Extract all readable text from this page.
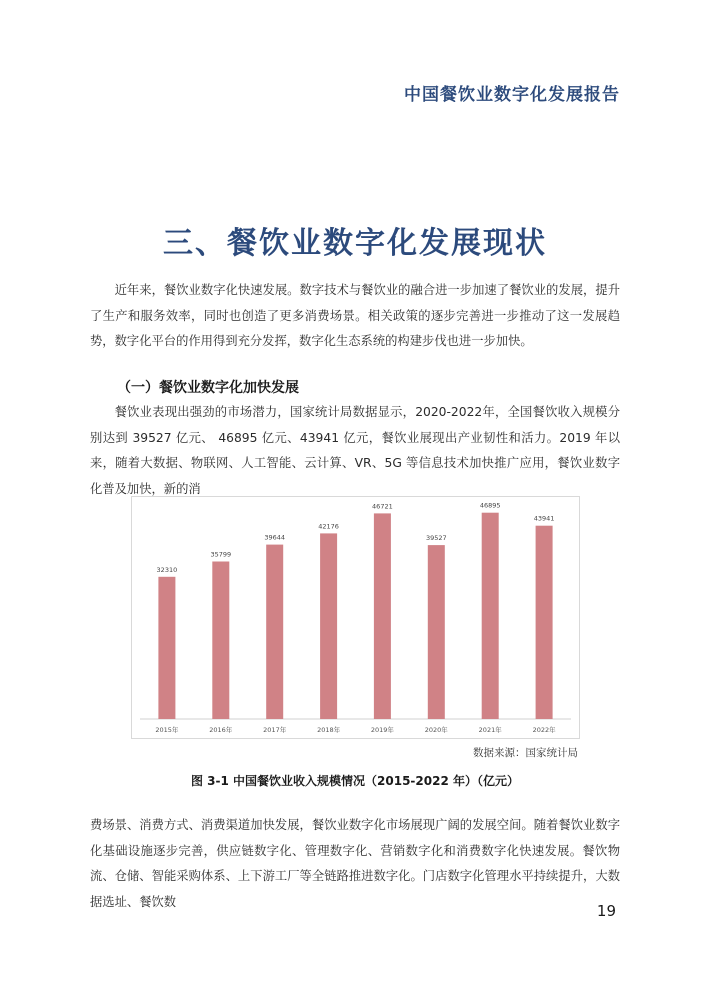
中国餐饮业数字化发展报告
三、餐饮业数字化发展现状

近年来，餐饮业数字化快速发展。数字技术与餐饮业的融合进一步加速了餐饮业的发展，提升了生产和服务效率，同时也创造了更多消费场景。相关政策的逐步完善进一步推动了这一发展趋势，数字化平台的作用得到充分发挥，数字化生态系统的构建步伐也进一步加快。

（一）餐饮业数字化加快发展

餐饮业表现出强劲的市场潜力，国家统计局数据显示，2020-2022年，全国餐饮收入规模分别达到 39527 亿元、 46895 亿元、43941 亿元，餐饮业展现出产业韧性和活力。2019 年以来，随着大数据、物联网、人工智能、云计算、VR、5G 等信息技术加快推广应用，餐饮业数字化普及加快，新的消

32310
2015年
35799
2016年
39644
2017年
42176
2018年
46721
2019年
39527
2020年
46895
2021年
43941
2022年
数据来源：国家统计局
图 3-1 中国餐饮业收入规模情况（2015-2022 年）（亿元）

费场景、消费方式、消费渠道加快发展，餐饮业数字化市场展现广阔的发展空间。随着餐饮业数字化基础设施逐步完善，供应链数字化、管理数字化、营销数字化和消费数字化快速发展。餐饮物流、仓储、智能采购体系、上下游工厂等全链路推进数字化。门店数字化管理水平持续提升，大数据选址、餐饮数

19
